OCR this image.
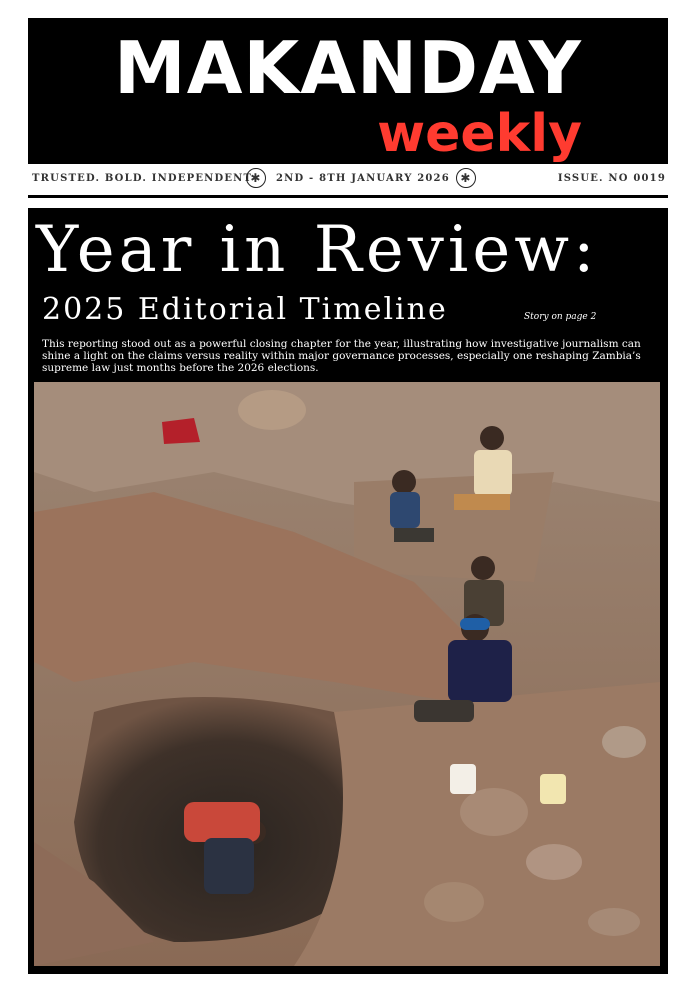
MAKANDAY
weekly
TRUSTED. BOLD. INDEPENDENT
✱	2ND - 8TH JANUARY 2026 ✱	ISSUE. NO 0019
Year in Review:
2025 Editorial Timeline	Story on page 2
This reporting stood out as a powerful closing chapter for the year, illustrating how investigative journalism can shine a light on the claims versus reality within major governance processes, especially one reshaping Zambia’s supreme law just months before the 2026 elections.
